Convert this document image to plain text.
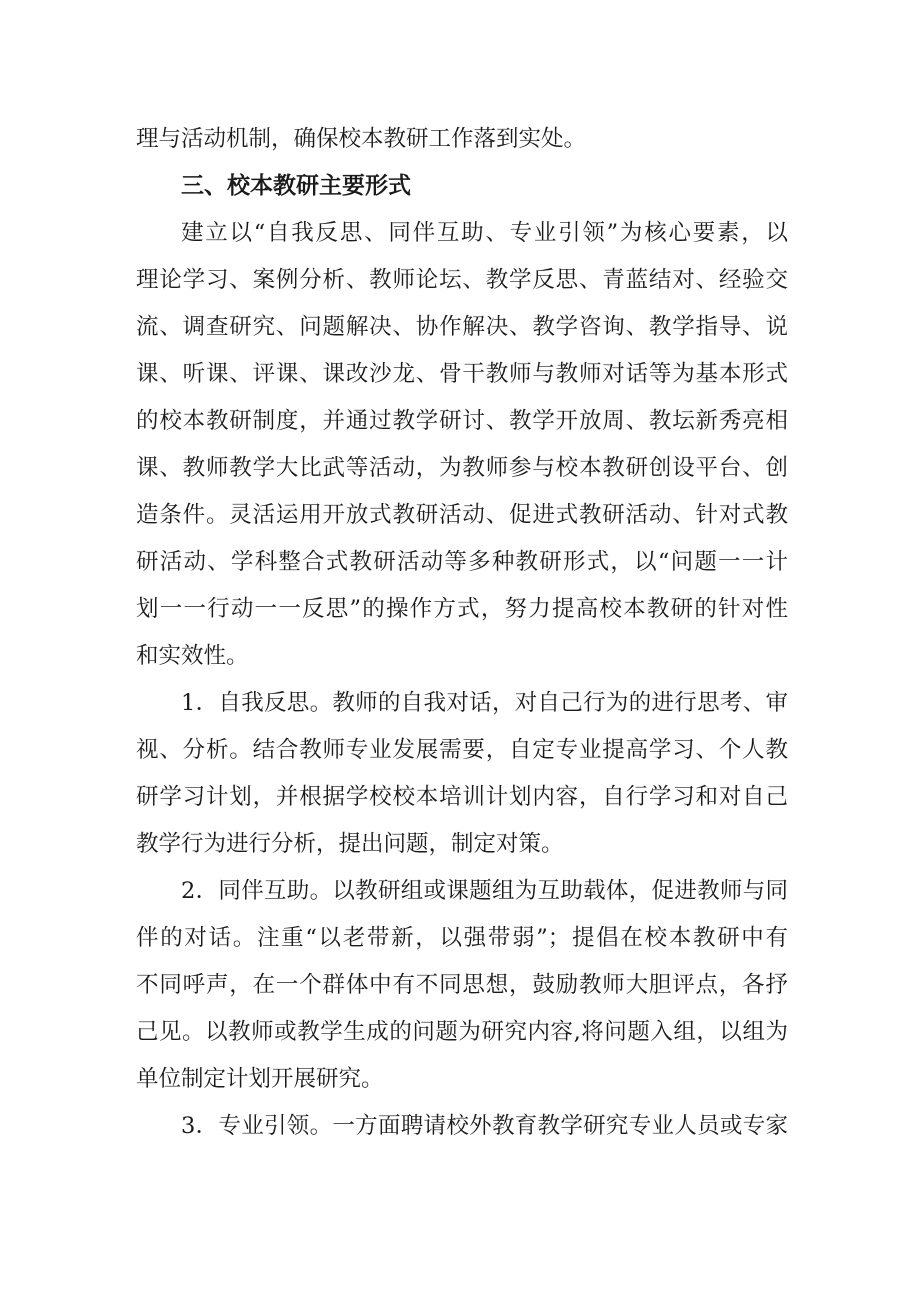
理与活动机制，确保校本教研工作落到实处。
三、校本教研主要形式
建立以“自我反思、同伴互助、专业引领”为核心要素，以
理论学习、案例分析、教师论坛、教学反思、青蓝结对、经验交
流、调查研究、问题解决、协作解决、教学咨询、教学指导、说
课、听课、评课、课改沙龙、骨干教师与教师对话等为基本形式
的校本教研制度，并通过教学研讨、教学开放周、教坛新秀亮相
课、教师教学大比武等活动，为教师参与校本教研创设平台、创
造条件。灵活运用开放式教研活动、促进式教研活动、针对式教
研活动、学科整合式教研活动等多种教研形式，以“问题一一计
划一一行动一一反思”的操作方式，努力提高校本教研的针对性
和实效性。
1．自我反思。教师的自我对话，对自己行为的进行思考、审
视、分析。结合教师专业发展需要，自定专业提高学习、个人教
研学习计划，并根据学校校本培训计划内容，自行学习和对自己
教学行为进行分析，提出问题，制定对策。
2．同伴互助。以教研组或课题组为互助载体，促进教师与同
伴的对话。注重“以老带新，以强带弱”；提倡在校本教研中有
不同呼声，在一个群体中有不同思想，鼓励教师大胆评点，各抒
己见。以教师或教学生成的问题为研究内容,将问题入组，以组为
单位制定计划开展研究。
3．专业引领。一方面聘请校外教育教学研究专业人员或专家
